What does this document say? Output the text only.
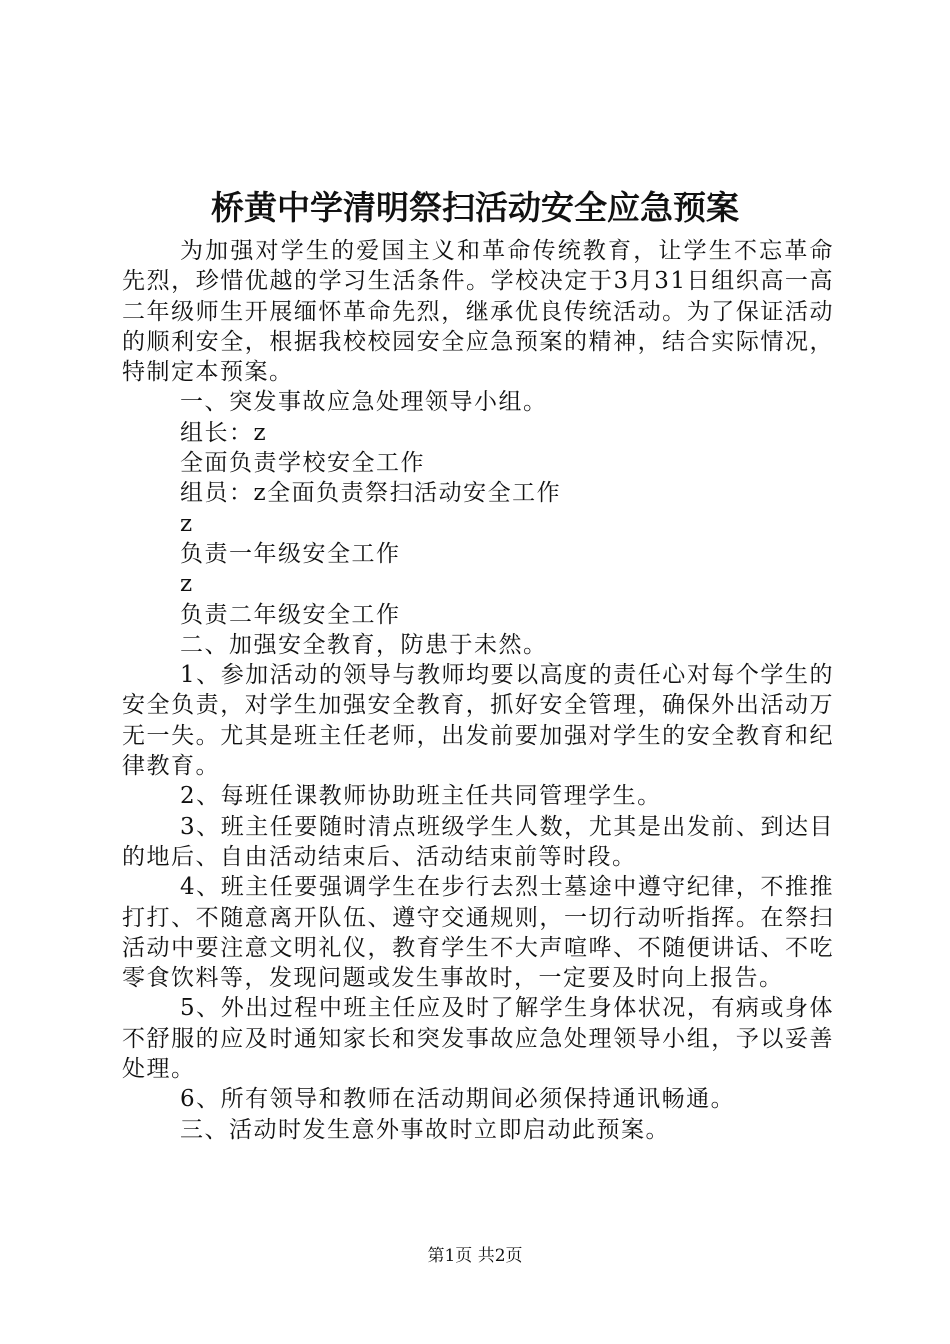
桥黄中学清明祭扫活动安全应急预案

为加强对学生的爱国主义和革命传统教育，让学生不忘革命先烈，珍惜优越的学习生活条件。学校决定于3月31日组织高一高二年级师生开展缅怀革命先烈，继承优良传统活动。为了保证活动的顺利安全，根据我校校园安全应急预案的精神，结合实际情况，特制定本预案。

一、突发事故应急处理领导小组。

组长：z

全面负责学校安全工作

组员：z全面负责祭扫活动安全工作

z

负责一年级安全工作

z

负责二年级安全工作

二、加强安全教育，防患于未然。

1、参加活动的领导与教师均要以高度的责任心对每个学生的安全负责，对学生加强安全教育，抓好安全管理，确保外出活动万无一失。尤其是班主任老师，出发前要加强对学生的安全教育和纪律教育。

2、每班任课教师协助班主任共同管理学生。

3、班主任要随时清点班级学生人数，尤其是出发前、到达目的地后、自由活动结束后、活动结束前等时段。

4、班主任要强调学生在步行去烈士墓途中遵守纪律，不推推打打、不随意离开队伍、遵守交通规则，一切行动听指挥。在祭扫活动中要注意文明礼仪，教育学生不大声喧哗、不随便讲话、不吃零食饮料等，发现问题或发生事故时，一定要及时向上报告。

5、外出过程中班主任应及时了解学生身体状况，有病或身体不舒服的应及时通知家长和突发事故应急处理领导小组，予以妥善处理。

6、所有领导和教师在活动期间必须保持通讯畅通。

三、活动时发生意外事故时立即启动此预案。

第1页 共2页
